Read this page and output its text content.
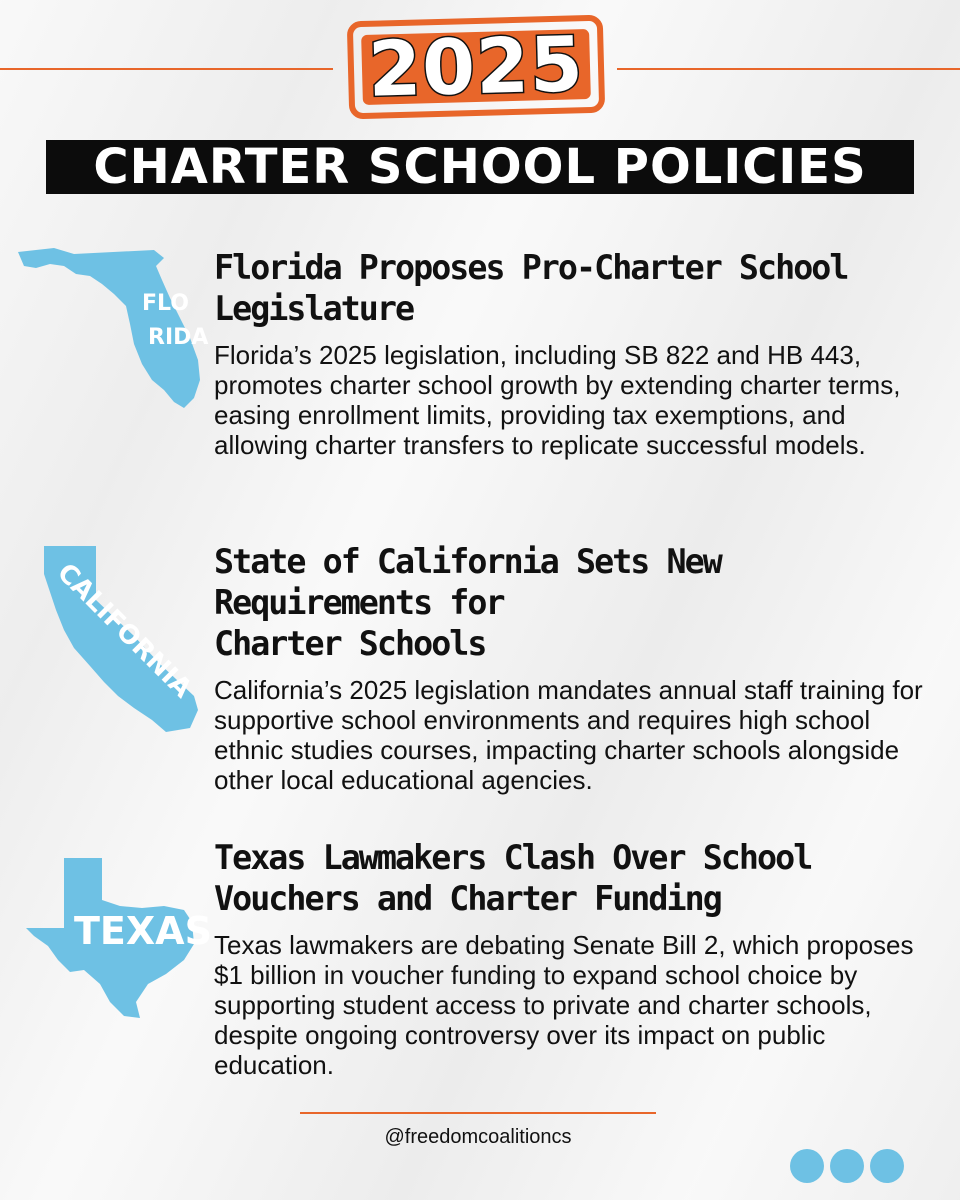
2025
CHARTER SCHOOL POLICIES
FLO
RIDA
Florida Proposes Pro-Charter School
Legislature

Florida’s 2025 legislation, including SB 822 and HB 443, promotes charter school growth by extending charter terms, easing enrollment limits, providing tax exemptions, and allowing charter transfers to replicate successful models.

CALIFORNIA State of California Sets New Requirements for
Charter Schools

California’s 2025 legislation mandates annual staff training for supportive school environments and requires high school ethnic studies courses, impacting charter schools alongside other local educational agencies.

TEXAS
Texas Lawmakers Clash Over School
Vouchers and Charter Funding

Texas lawmakers are debating Senate Bill 2, which proposes $1 billion in voucher funding to expand school choice by supporting student access to private and charter schools, despite ongoing controversy over its impact on public education.

@freedomcoalitioncs
